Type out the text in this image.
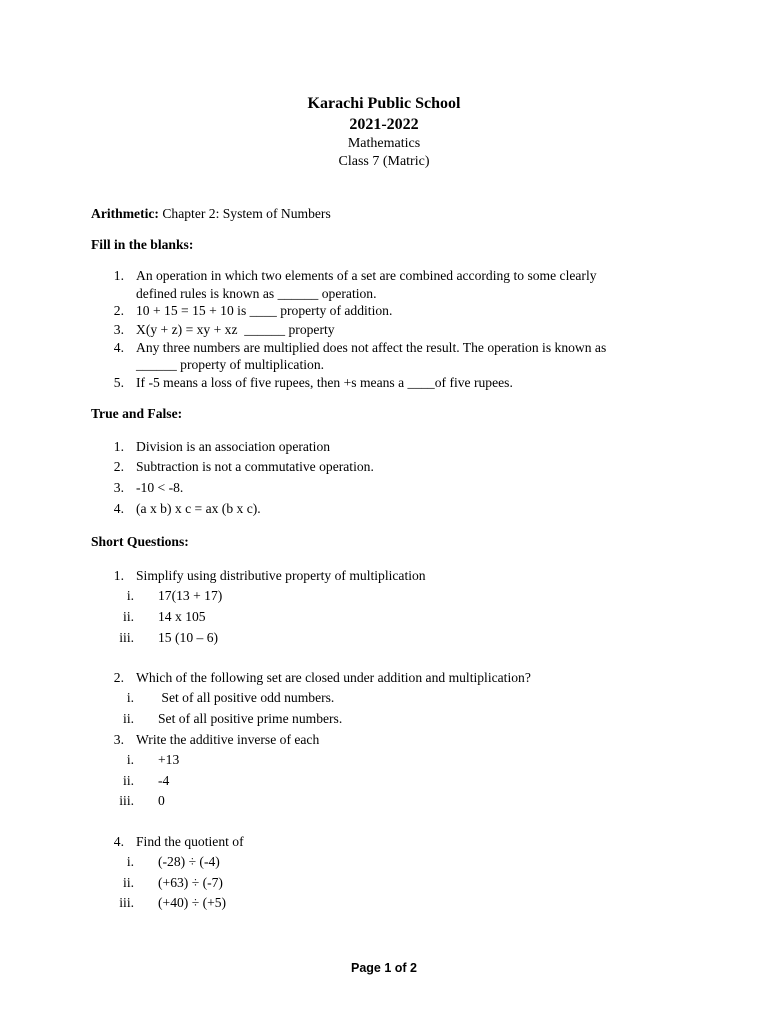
Karachi Public School
2021-2022
Mathematics
Class 7 (Matric)
Arithmetic: Chapter 2: System of Numbers
Fill in the blanks:
1. An operation in which two elements of a set are combined according to some clearly
defined rules is known as ______ operation.
2. 10 + 15 = 15 + 10 is ____ property of addition.
3. X(y + z) = xy + xz  ______ property
4. Any three numbers are multiplied does not affect the result. The operation is known as
______ property of multiplication.
5. If -5 means a loss of five rupees, then +s means a ____of five rupees.
True and False:
1. Division is an association operation
2. Subtraction is not a commutative operation.
3. -10 < -8.
4. (a x b) x c = ax (b x c).
Short Questions:
1. Simplify using distributive property of multiplication
i. 17(13 + 17)
ii. 14 x 105
iii. 15 (10 – 6)
2. Which of the following set are closed under addition and multiplication?
i. Set of all positive odd numbers.
ii. Set of all positive prime numbers.
3. Write the additive inverse of each
i. +13
ii. -4
iii. 0
4. Find the quotient of
i. (-28) ÷ (-4)
ii. (+63) ÷ (-7)
iii. (+40) ÷ (+5)
Page 1 of 2
